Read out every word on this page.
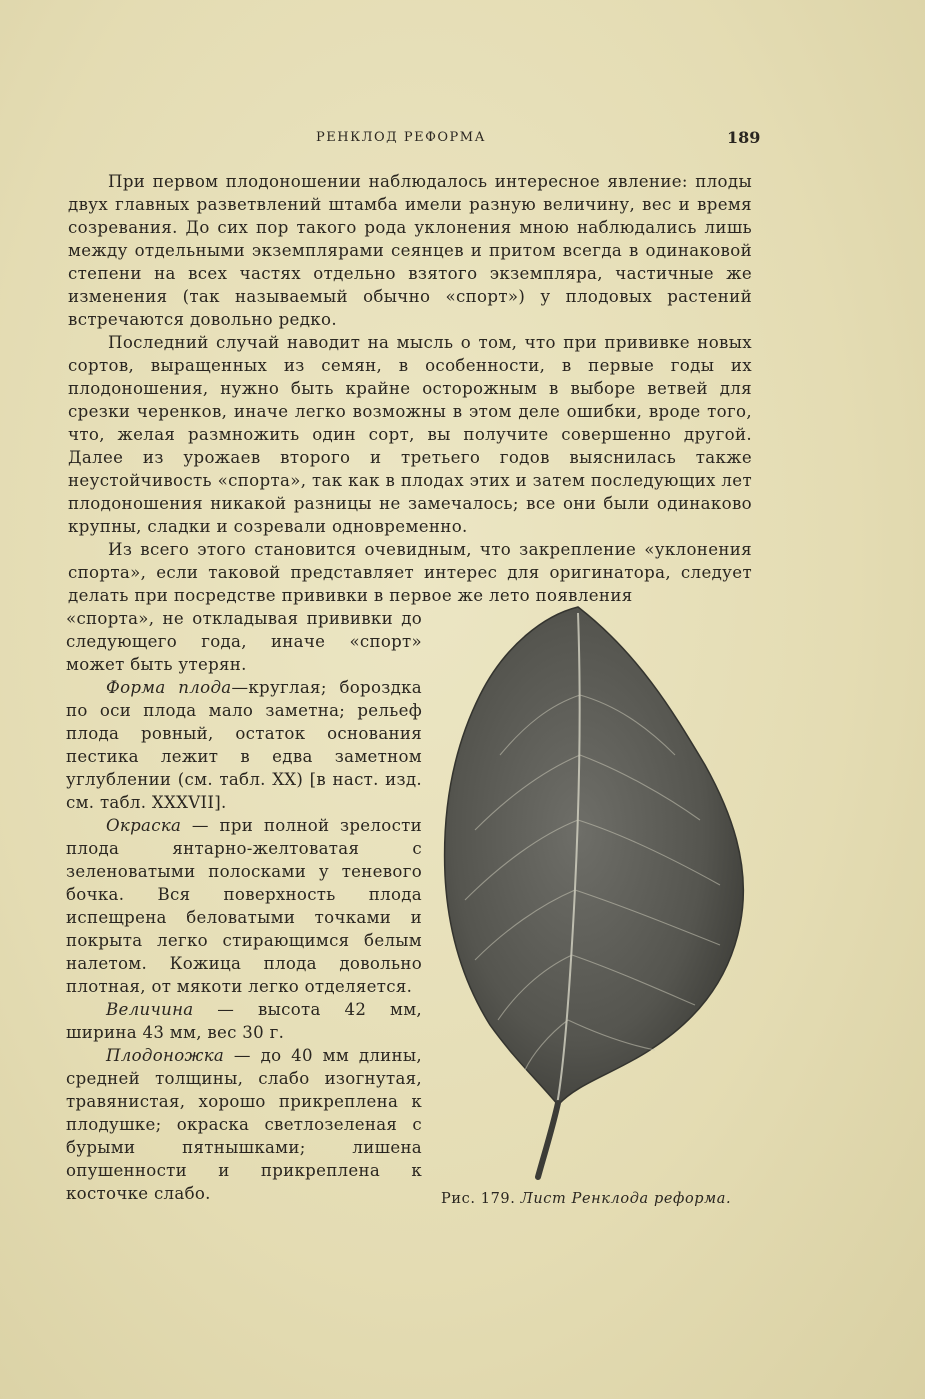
РЕНКЛОД РЕФОРМА	189

При первом плодоношении наблюдалось интересное явление: плоды двух главных разветвлений штамба имели разную величину, вес и время созревания. До сих пор такого рода уклонения мною наблюдались лишь между отдельными экземплярами сеянцев и притом всегда в одинаковой степени на всех частях отдельно взятого экземпляра, частичные же изменения (так называемый обычно «спорт») у плодовых растений встречаются довольно редко.

Последний случай наводит на мысль о том, что при прививке новых сортов, выращенных из семян, в особенности, в первые годы их плодоношения, нужно быть крайне осторожным в выборе ветвей для срезки черенков, иначе легко возможны в этом деле ошибки, вроде того, что, желая размножить один сорт, вы получите совершенно другой. Далее из урожаев второго и третьего годов выяснилась также неустойчивость «спорта», так как в плодах этих и затем последующих лет плодоношения никакой разницы не замечалось; все они были одинаково крупны, сладки и созревали одновременно.

Из всего этого становится очевидным, что закрепление «уклонения спорта», если таковой представляет интерес для оригинатора, следует делать при посредстве прививки в первое же лето появления

«спорта», не откладывая прививки до следующего года, иначе «спорт» может быть утерян.

Форма плода—круглая; бороздка по оси плода мало заметна; рельеф плода ровный, остаток основания пестика лежит в едва заметном углублении (см. табл. XX) [в наст. изд. см. табл. XXXVII].

Окраска — при полной зрелости плода янтарно-желтоватая с зеленоватыми полосками у теневого бочка. Вся поверхность плода испещрена беловатыми точками и покрыта легко стирающимся белым налетом. Кожица плода довольно плотная, от мякоти легко отделяется.

Величина — высота 42 мм, ширина 43 мм, вес 30 г.

Плодоножка — до 40 мм длины, средней толщины, слабо изогнутая, травянистая, хорошо прикреплена к плодушке; окраска светлозеленая с бурыми пятнышками; лишена опушенности и прикреплена к косточке слабо.	Рис. 179. Лист Ренклода реформа.
